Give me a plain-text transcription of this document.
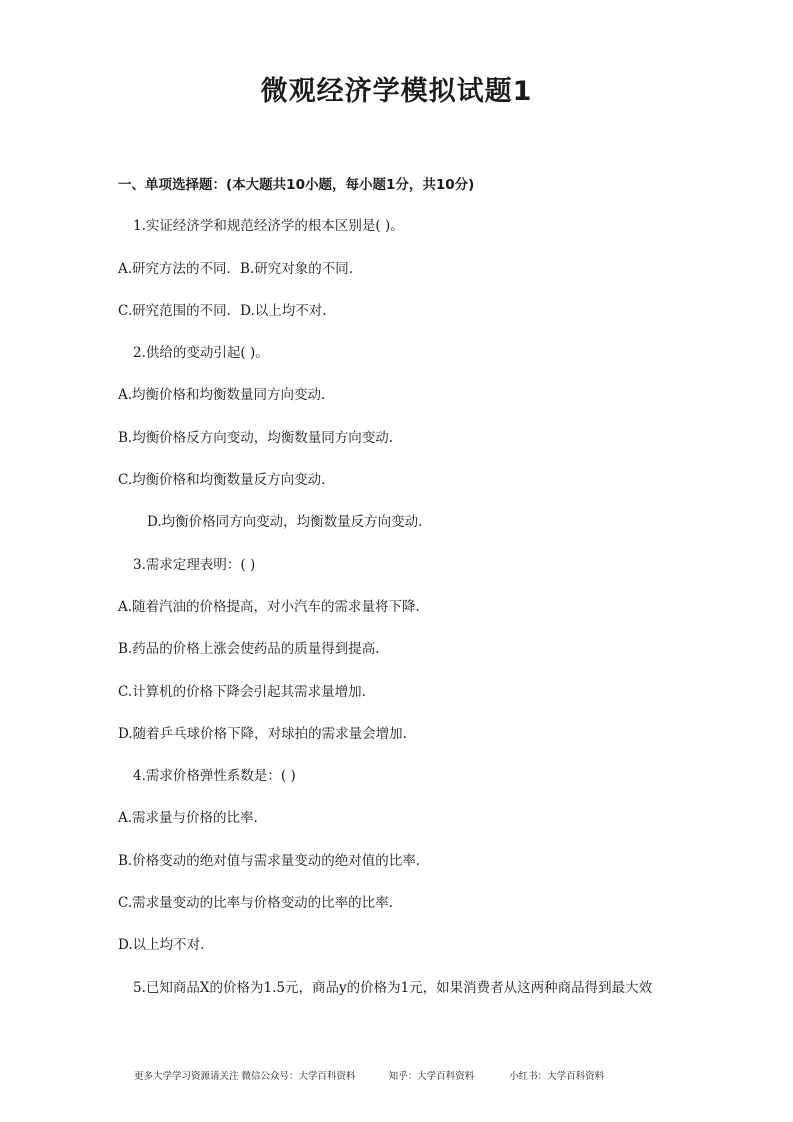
微观经济学模拟试题1

一、单项选择题：(本大题共10小题，每小题1分，共10分)

1.实证经济学和规范经济学的根本区别是( )。

A.研究方法的不同．B.研究对象的不同.

C.研究范围的不同．D.以上均不对.

2.供给的变动引起( )。

A.均衡价格和均衡数量同方向变动.

B.均衡价格反方向变动，均衡数量同方向变动.

C.均衡价格和均衡数量反方向变动.

D.均衡价格同方向变动，均衡数量反方向变动.

3.需求定理表明：( )

A.随着汽油的价格提高，对小汽车的需求量将下降.

B.药品的价格上涨会使药品的质量得到提高.

C.计算机的价格下降会引起其需求量增加.

D.随着乒乓球价格下降，对球拍的需求量会增加.

4.需求价格弹性系数是：( )

A.需求量与价格的比率.

B.价格变动的绝对值与需求量变动的绝对值的比率.

C.需求量变动的比率与价格变动的比率的比率.

D.以上均不对.

5.已知商品X的价格为1.5元，商品y的价格为1元，如果消费者从这两种商品得到最大效

更多大学学习资源请关注 微信公众号：大学百科资料	知乎：大学百科资料	小红书：大学百科资料
